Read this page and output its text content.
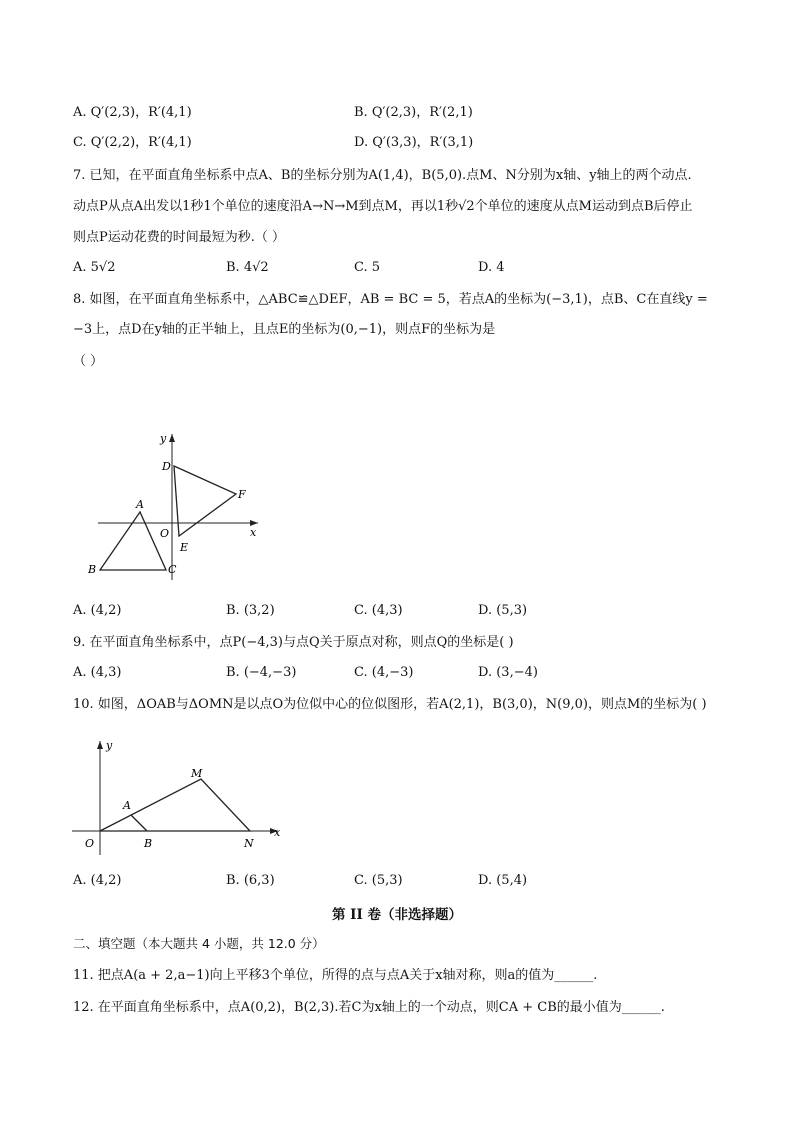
A. Q′(2,3)，R′(4,1)	B. Q′(2,3)，R′(2,1)
C. Q′(2,2)，R′(4,1)	D. Q′(3,3)，R′(3,1)
7. 已知，在平面直角坐标系中点A、B的坐标分别为A(1,4)，B(5,0).点M、N分别为x轴、y轴上的两个动点.
动点P从点A出发以1秒1个单位的速度沿A→N→M到点M，再以1秒√2个单位的速度从点M运动到点B后停止
则点P运动花费的时间最短为秒.（ ）
A. 5√2	B. 4√2	C. 5	D. 4
8. 如图，在平面直角坐标系中，△ABC≌△DEF，AB = BC = 5，若点A的坐标为(−3,1)，点B、C在直线y =
−3上，点D在y轴的正半轴上，且点E的坐标为(0,−1)，则点F的坐标为是
（ ）
y
x
O
A
B	C
D
E
F
A. (4,2)	B. (3,2)	C. (4,3)	D. (5,3)
9. 在平面直角坐标系中，点P(−4,3)与点Q关于原点对称，则点Q的坐标是( )
A. (4,3)	B. (−4,−3)	C. (4,−3)	D. (3,−4)
10. 如图，ΔOAB与ΔOMN是以点O为位似中心的位似图形，若A(2,1)，B(3,0)，N(9,0)，则点M的坐标为( )
y
x
O
A
B
M
N
A. (4,2)	B. (6,3)	C. (5,3)	D. (5,4)
第 II 卷（非选择题）
二、填空题（本大题共 4 小题，共 12.0 分）
11. 把点A(a + 2,a−1)向上平移3个单位，所得的点与点A关于x轴对称，则a的值为______.
12. 在平面直角坐标系中，点A(0,2)，B(2,3).若C为x轴上的一个动点，则CA + CB的最小值为______.
